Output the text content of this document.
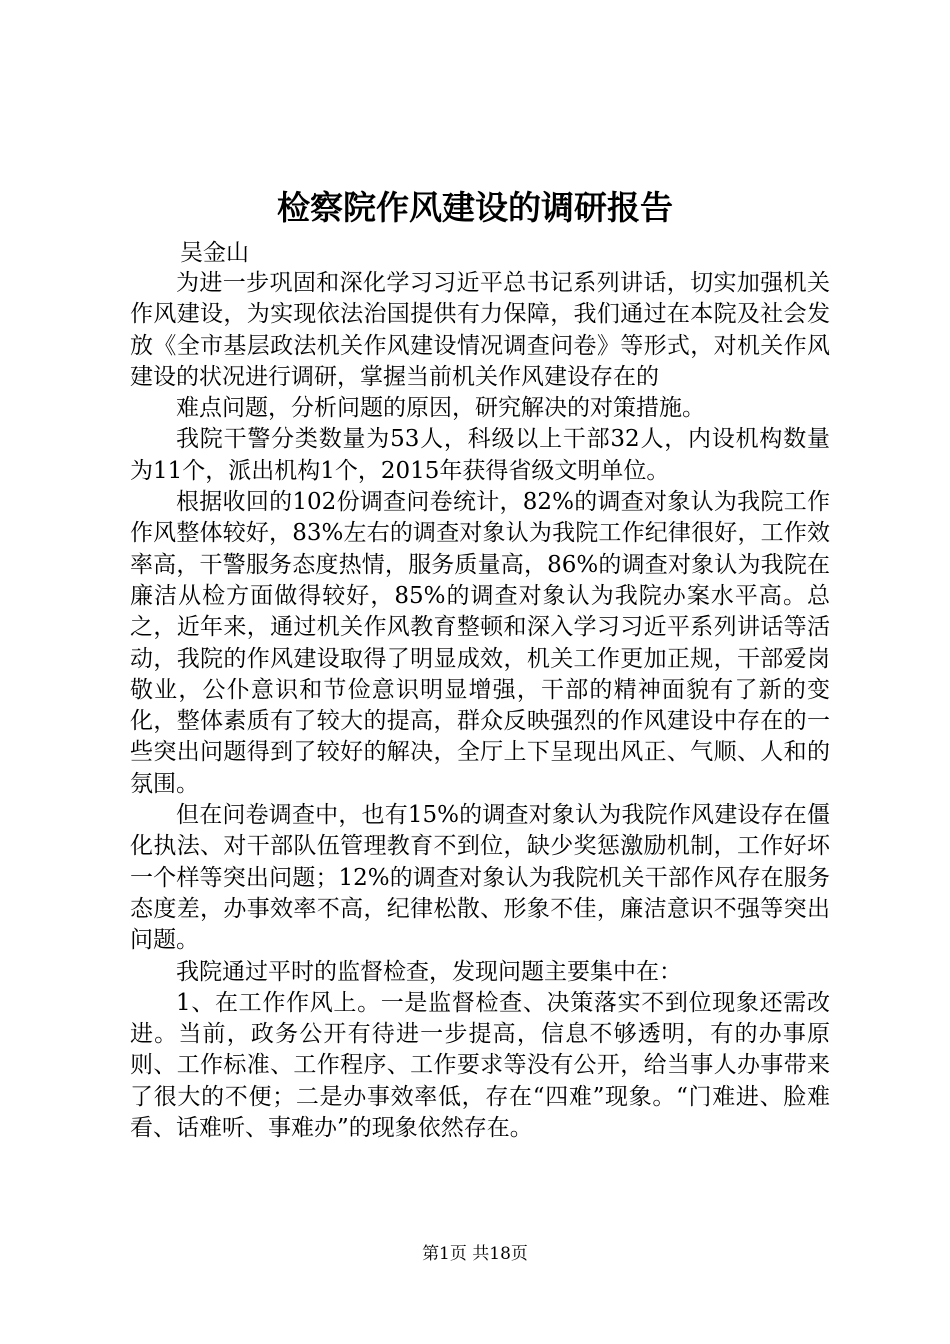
检察院作风建设的调研报告
吴金山

为进一步巩固和深化学习习近平总书记系列讲话，切实加强机关作风建设，为实现依法治国提供有力保障，我们通过在本院及社会发放《全市基层政法机关作风建设情况调查问卷》等形式，对机关作风建设的状况进行调研，掌握当前机关作风建设存在的

难点问题，分析问题的原因，研究解决的对策措施。

我院干警分类数量为53人，科级以上干部32人，内设机构数量为11个，派出机构1个，2015年获得省级文明单位。

根据收回的102份调查问卷统计，82%的调查对象认为我院工作作风整体较好，83%左右的调查对象认为我院工作纪律很好，工作效率高，干警服务态度热情，服务质量高，86%的调查对象认为我院在廉洁从检方面做得较好，85%的调查对象认为我院办案水平高。总之，近年来，通过机关作风教育整顿和深入学习习近平系列讲话等活动，我院的作风建设取得了明显成效，机关工作更加正规，干部爱岗敬业，公仆意识和节俭意识明显增强，干部的精神面貌有了新的变化，整体素质有了较大的提高，群众反映强烈的作风建设中存在的一些突出问题得到了较好的解决，全厅上下呈现出风正、气顺、人和的氛围。

但在问卷调查中，也有15%的调查对象认为我院作风建设存在僵化执法、对干部队伍管理教育不到位，缺少奖惩激励机制，工作好坏一个样等突出问题；12%的调查对象认为我院机关干部作风存在服务态度差，办事效率不高，纪律松散、形象不佳，廉洁意识不强等突出问题。

我院通过平时的监督检查，发现问题主要集中在：

1、在工作作风上。一是监督检查、决策落实不到位现象还需改进。当前，政务公开有待进一步提高，信息不够透明，有的办事原则、工作标准、工作程序、工作要求等没有公开，给当事人办事带来了很大的不便；二是办事效率低，存在“四难”现象。“门难进、脸难看、话难听、事难办”的现象依然存在。

第1页 共18页
